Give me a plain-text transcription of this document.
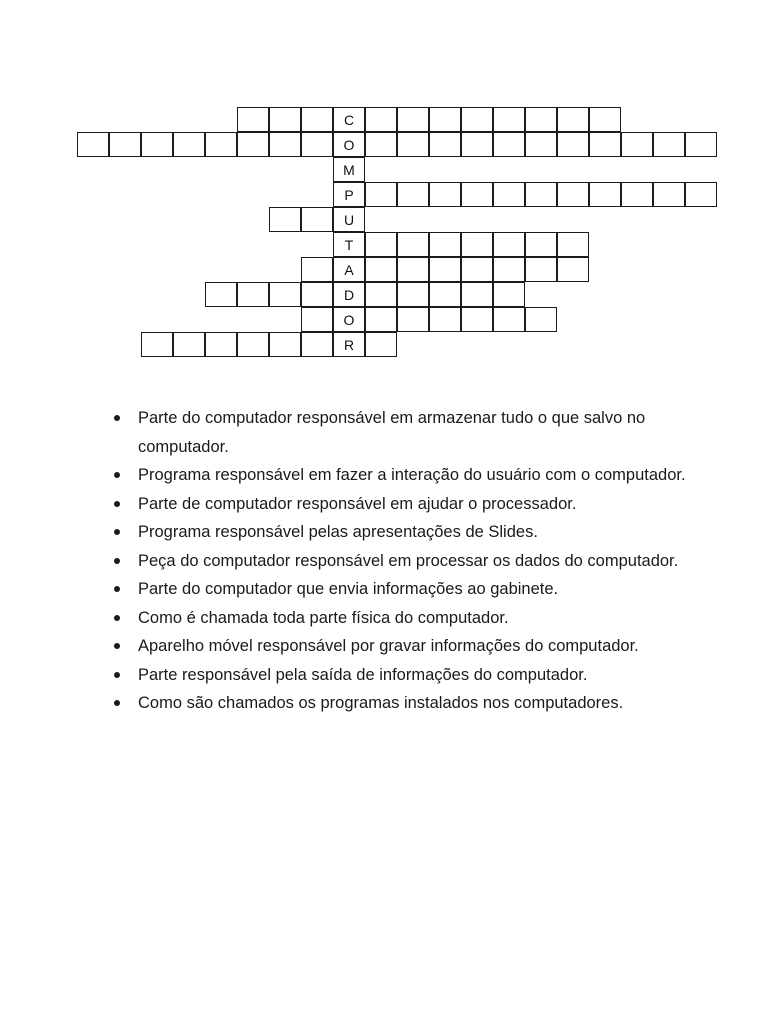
C
O
M
P
U
T
A
D
O
R
Parte do computador responsável em armazenar tudo o que salvo no computador.
Programa responsável em fazer a interação do usuário com o computador.
Parte de computador responsável em ajudar o processador.
Programa responsável pelas apresentações de Slides.
Peça do computador responsável em processar os dados do computador.
Parte do computador que envia informações ao gabinete.
Como é chamada toda parte física do computador.
Aparelho móvel responsável por gravar informações do computador.
Parte responsável pela saída de informações do computador.
Como são chamados os programas instalados nos computadores.
